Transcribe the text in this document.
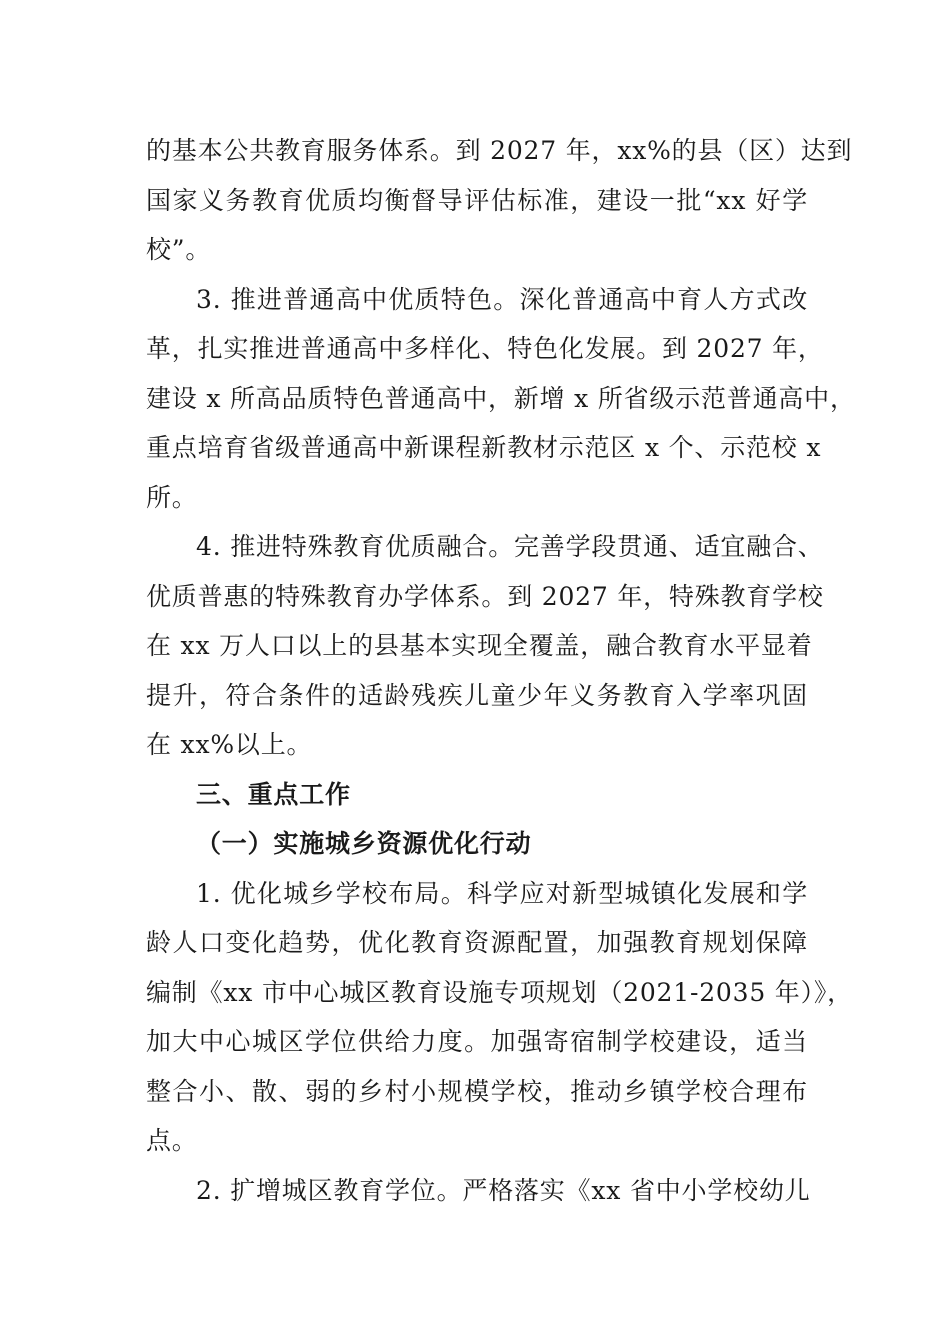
的基本公共教育服务体系。到 2027 年，xx%的县（区）达到
国家义务教育优质均衡督导评估标准，建设一批“xx 好学
校”。
3. 推进普通高中优质特色。深化普通高中育人方式改
革，扎实推进普通高中多样化、特色化发展。到 2027 年，
建设 x 所高品质特色普通高中，新增 x 所省级示范普通高中，
重点培育省级普通高中新课程新教材示范区 x 个、示范校 x
所。
4. 推进特殊教育优质融合。完善学段贯通、适宜融合、
优质普惠的特殊教育办学体系。到 2027 年，特殊教育学校
在 xx 万人口以上的县基本实现全覆盖，融合教育水平显着
提升，符合条件的适龄残疾儿童少年义务教育入学率巩固
在 xx%以上。
三、重点工作
（一）实施城乡资源优化行动
1. 优化城乡学校布局。科学应对新型城镇化发展和学
龄人口变化趋势，优化教育资源配置，加强教育规划保障
编制《xx 市中心城区教育设施专项规划（2021-2035 年）》，
加大中心城区学位供给力度。加强寄宿制学校建设，适当
整合小、散、弱的乡村小规模学校，推动乡镇学校合理布
点。
2. 扩增城区教育学位。严格落实《xx 省中小学校幼儿
